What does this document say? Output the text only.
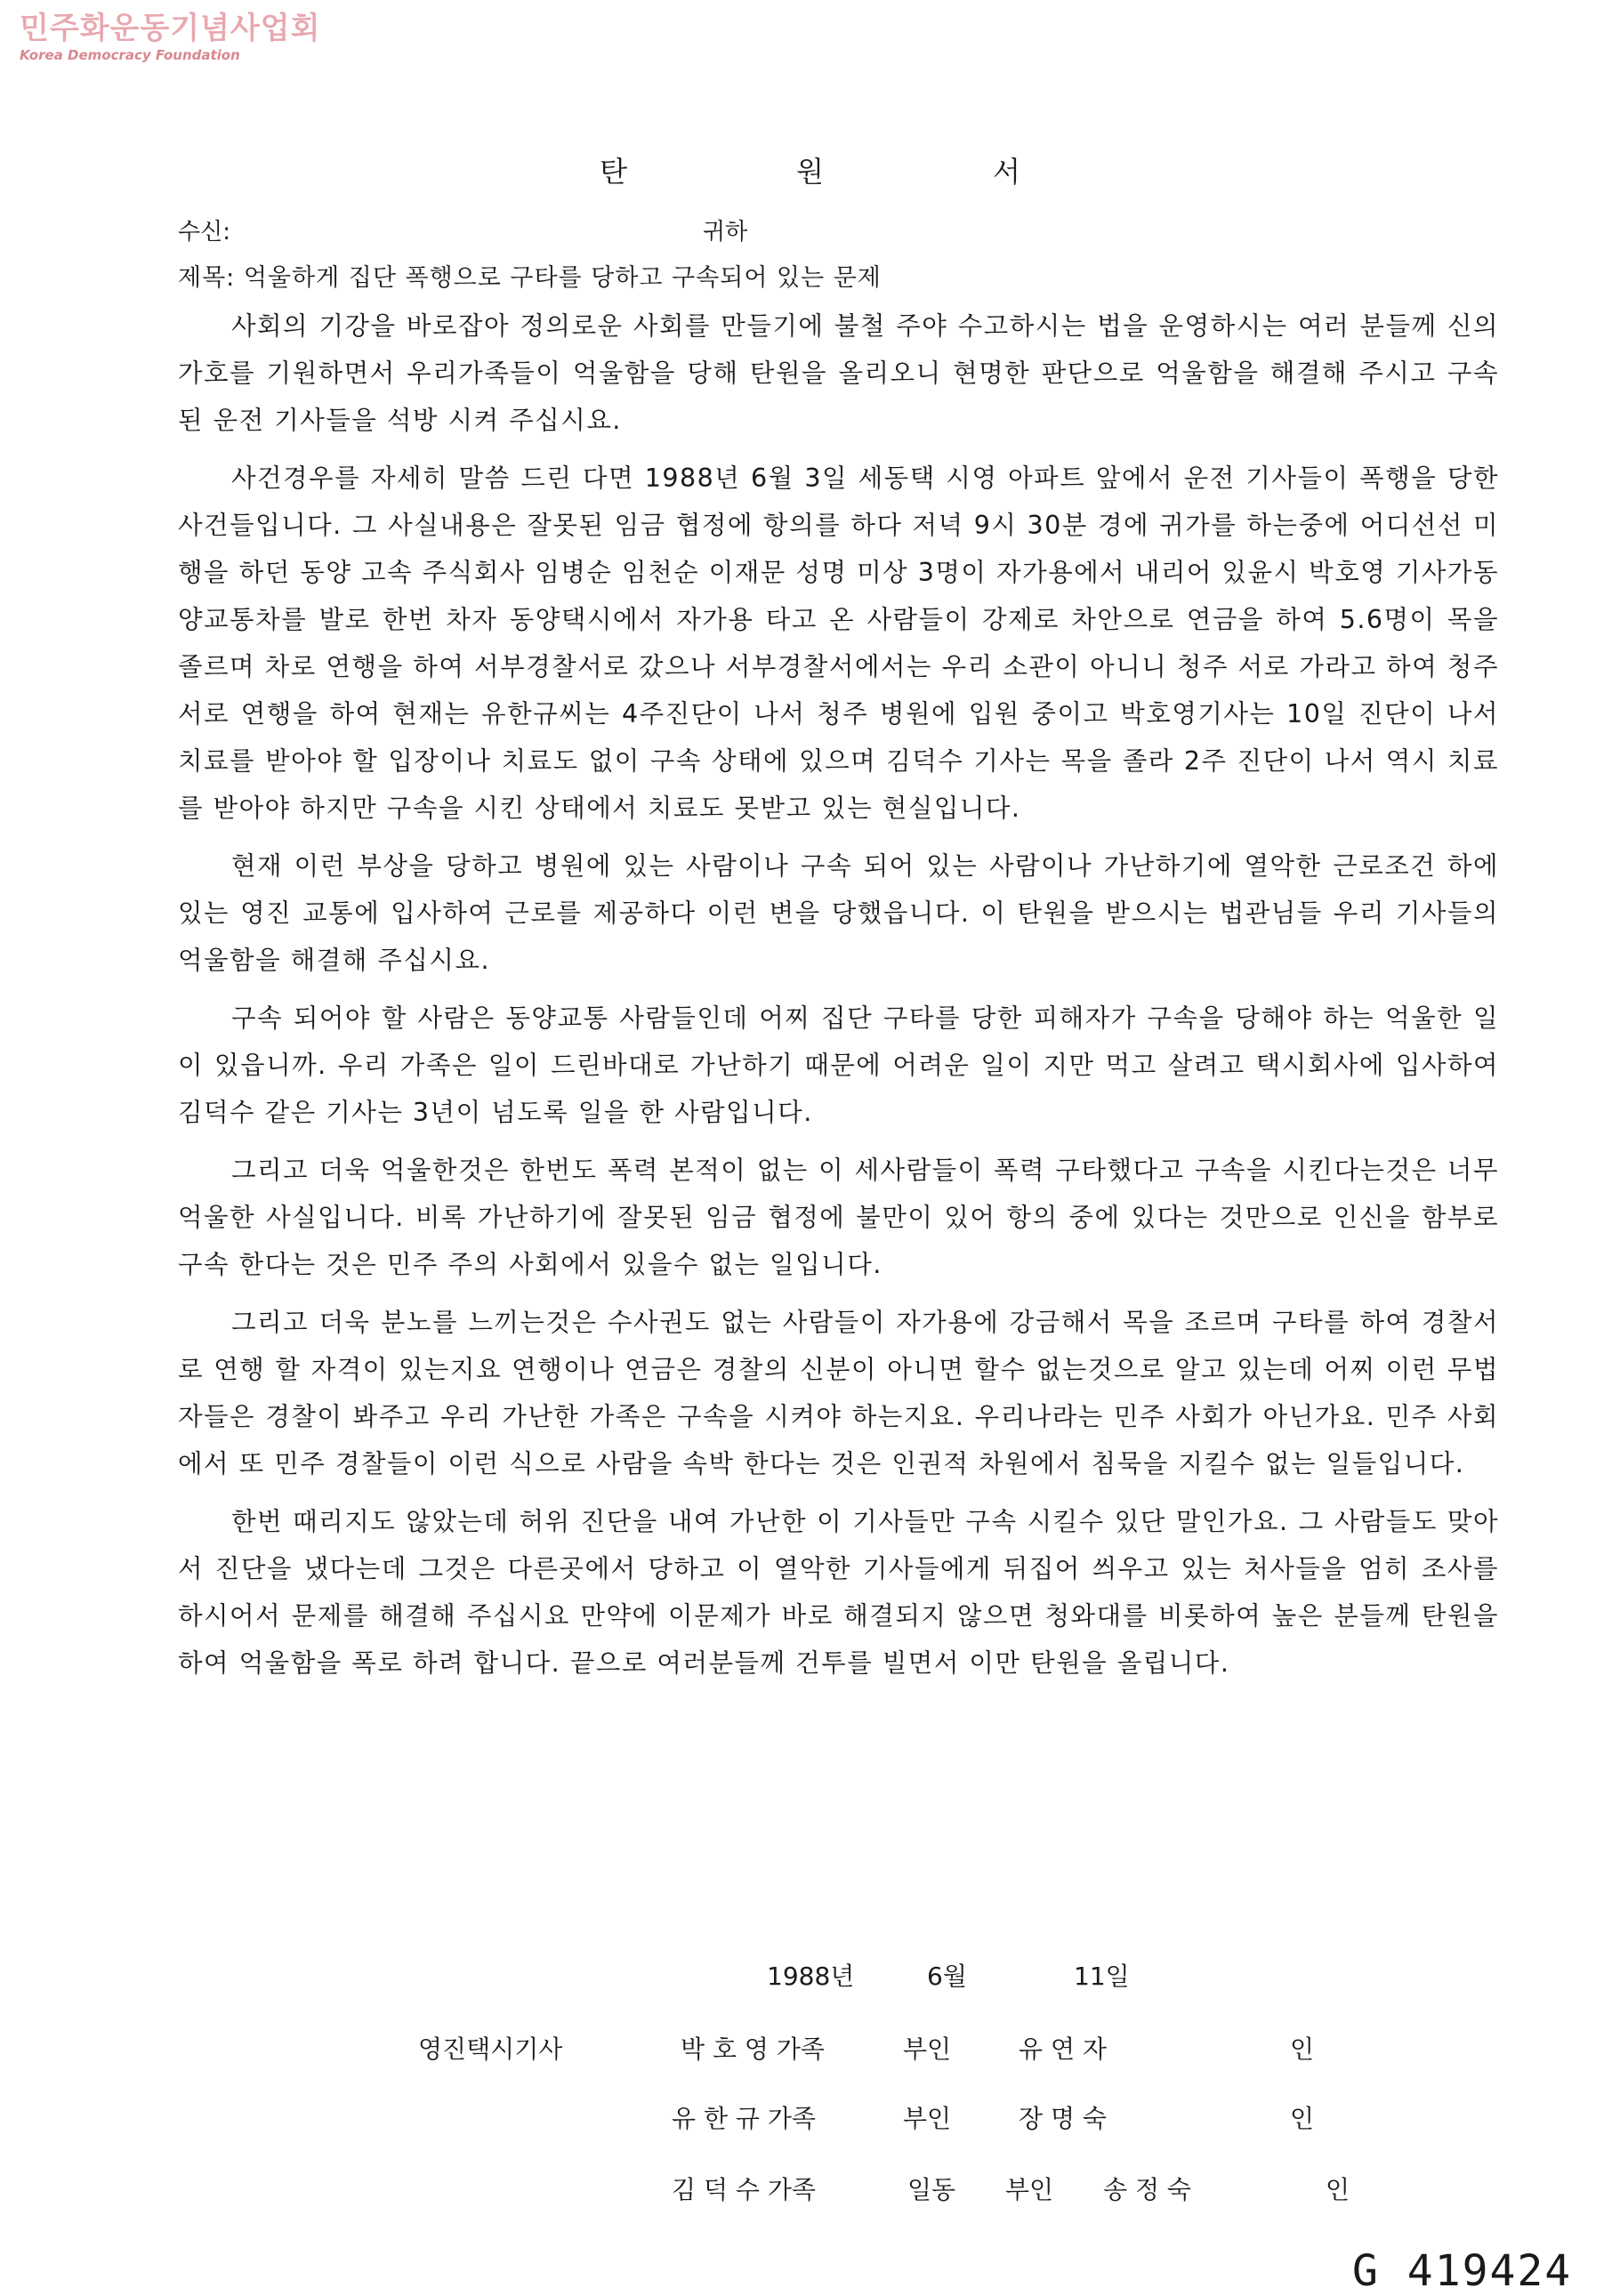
민주화운동기념사업회
Korea Democracy Foundation
탄원서
수신:	귀하
제목: 억울하게 집단 폭행으로 구타를 당하고 구속되어 있는 문제

사회의 기강을 바로잡아 정의로운 사회를 만들기에 불철 주야 수고하시는 법을 운영하시는 여러 분들께 신의 가호를 기원하면서 우리가족들이 억울함을 당해 탄원을 올리오니 현명한 판단으로 억울함을 해결해 주시고 구속된 운전 기사들을 석방 시켜 주십시요.

사건경우를 자세히 말씀 드린 다면 1988년 6월 3일 세동택 시영 아파트 앞에서 운전 기사들이 폭행을 당한 사건들입니다. 그 사실내용은 잘못된 임금 협정에 항의를 하다 저녁 9시 30분 경에 귀가를 하는중에 어디선선 미행을 하던 동양 고속 주식회사 임병순 임천순 이재문 성명 미상 3명이 자가용에서 내리어 있윤시 박호영 기사가동양교통차를 발로 한번 차자 동양택시에서 자가용 타고 온 사람들이 강제로 차안으로 연금을 하여 5.6명이 목을 졸르며 차로 연행을 하여 서부경찰서로 갔으나 서부경찰서에서는 우리 소관이 아니니 청주 서로 가라고 하여 청주서로 연행을 하여 현재는 유한규씨는 4주진단이 나서 청주 병원에 입원 중이고 박호영기사는 10일 진단이 나서 치료를 받아야 할 입장이나 치료도 없이 구속 상태에 있으며 김덕수 기사는 목을 졸라 2주 진단이 나서 역시 치료를 받아야 하지만 구속을 시킨 상태에서 치료도 못받고 있는 현실입니다.

현재 이런 부상을 당하고 병원에 있는 사람이나 구속 되어 있는 사람이나 가난하기에 열악한 근로조건 하에 있는 영진 교통에 입사하여 근로를 제공하다 이런 변을 당했읍니다. 이 탄원을 받으시는 법관님들 우리 기사들의 억울함을 해결해 주십시요.

구속 되어야 할 사람은 동양교통 사람들인데 어찌 집단 구타를 당한 피해자가 구속을 당해야 하는 억울한 일이 있읍니까. 우리 가족은 일이 드린바대로 가난하기 때문에 어려운 일이 지만 먹고 살려고 택시회사에 입사하여 김덕수 같은 기사는 3년이 넘도록 일을 한 사람입니다.

그리고 더욱 억울한것은 한번도 폭력 본적이 없는 이 세사람들이 폭력 구타했다고 구속을 시킨다는것은 너무 억울한 사실입니다. 비록 가난하기에 잘못된 임금 협정에 불만이 있어 항의 중에 있다는 것만으로 인신을 함부로 구속 한다는 것은 민주 주의 사회에서 있을수 없는 일입니다.

그리고 더욱 분노를 느끼는것은 수사권도 없는 사람들이 자가용에 강금해서 목을 조르며 구타를 하여 경찰서로 연행 할 자격이 있는지요 연행이나 연금은 경찰의 신분이 아니면 할수 없는것으로 알고 있는데 어찌 이런 무법자들은 경찰이 봐주고 우리 가난한 가족은 구속을 시켜야 하는지요. 우리나라는 민주 사회가 아닌가요. 민주 사회에서 또 민주 경찰들이 이런 식으로 사람을 속박 한다는 것은 인권적 차원에서 침묵을 지킬수 없는 일들입니다.

한번 때리지도 않았는데 허위 진단을 내여 가난한 이 기사들만 구속 시킬수 있단 말인가요. 그 사람들도 맞아서 진단을 냈다는데 그것은 다른곳에서 당하고 이 열악한 기사들에게 뒤집어 씌우고 있는 처사들을 엄히 조사를 하시어서 문제를 해결해 주십시요 만약에 이문제가 바로 해결되지 않으면 청와대를 비롯하여 높은 분들께 탄원을 하여 억울함을 폭로 하려 합니다. 끝으로 여러분들께 건투를 빌면서 이만 탄원을 올립니다.

1988년	6월	11일
영진택시기사	박 호 영 가족	부인	유 연 자	인
유 한 규 가족	부인	장 명 숙	인
김 덕 수 가족	일동 부인 송 정 숙	인
G 419424
